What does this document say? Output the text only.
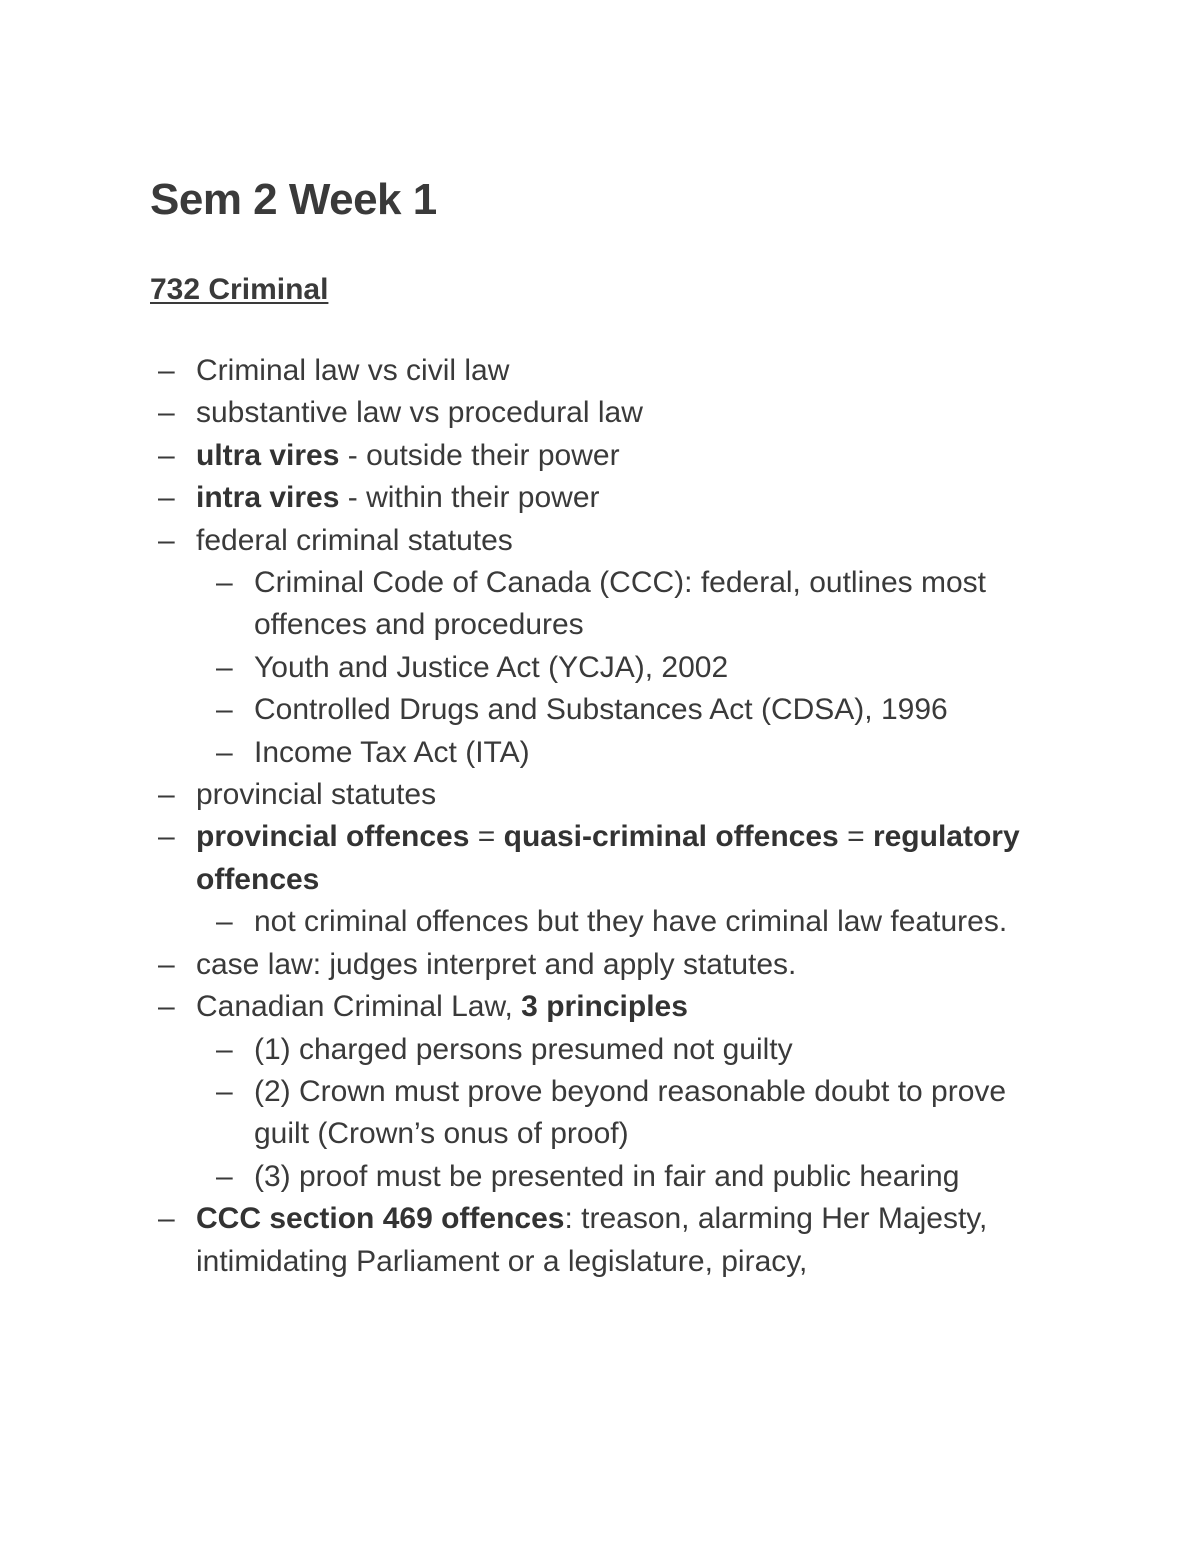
Sem 2 Week 1
732 Criminal
– Criminal law vs civil law
– substantive law vs procedural law
– ultra vires - outside their power
– intra vires - within their power
– federal criminal statutes
– Criminal Code of Canada (CCC): federal, outlines most offences and procedures
– Youth and Justice Act (YCJA), 2002
– Controlled Drugs and Substances Act (CDSA), 1996
– Income Tax Act (ITA)
– provincial statutes
– provincial offences = quasi-criminal offences = regulatory offences
– not criminal offences but they have criminal law features.
– case law: judges interpret and apply statutes.
– Canadian Criminal Law, 3 principles
– (1) charged persons presumed not guilty
– (2) Crown must prove beyond reasonable doubt to prove guilt (Crown’s onus of proof)
– (3) proof must be presented in fair and public hearing
– CCC section 469 offences: treason, alarming Her Majesty, intimidating Parliament or a legislature, piracy,
